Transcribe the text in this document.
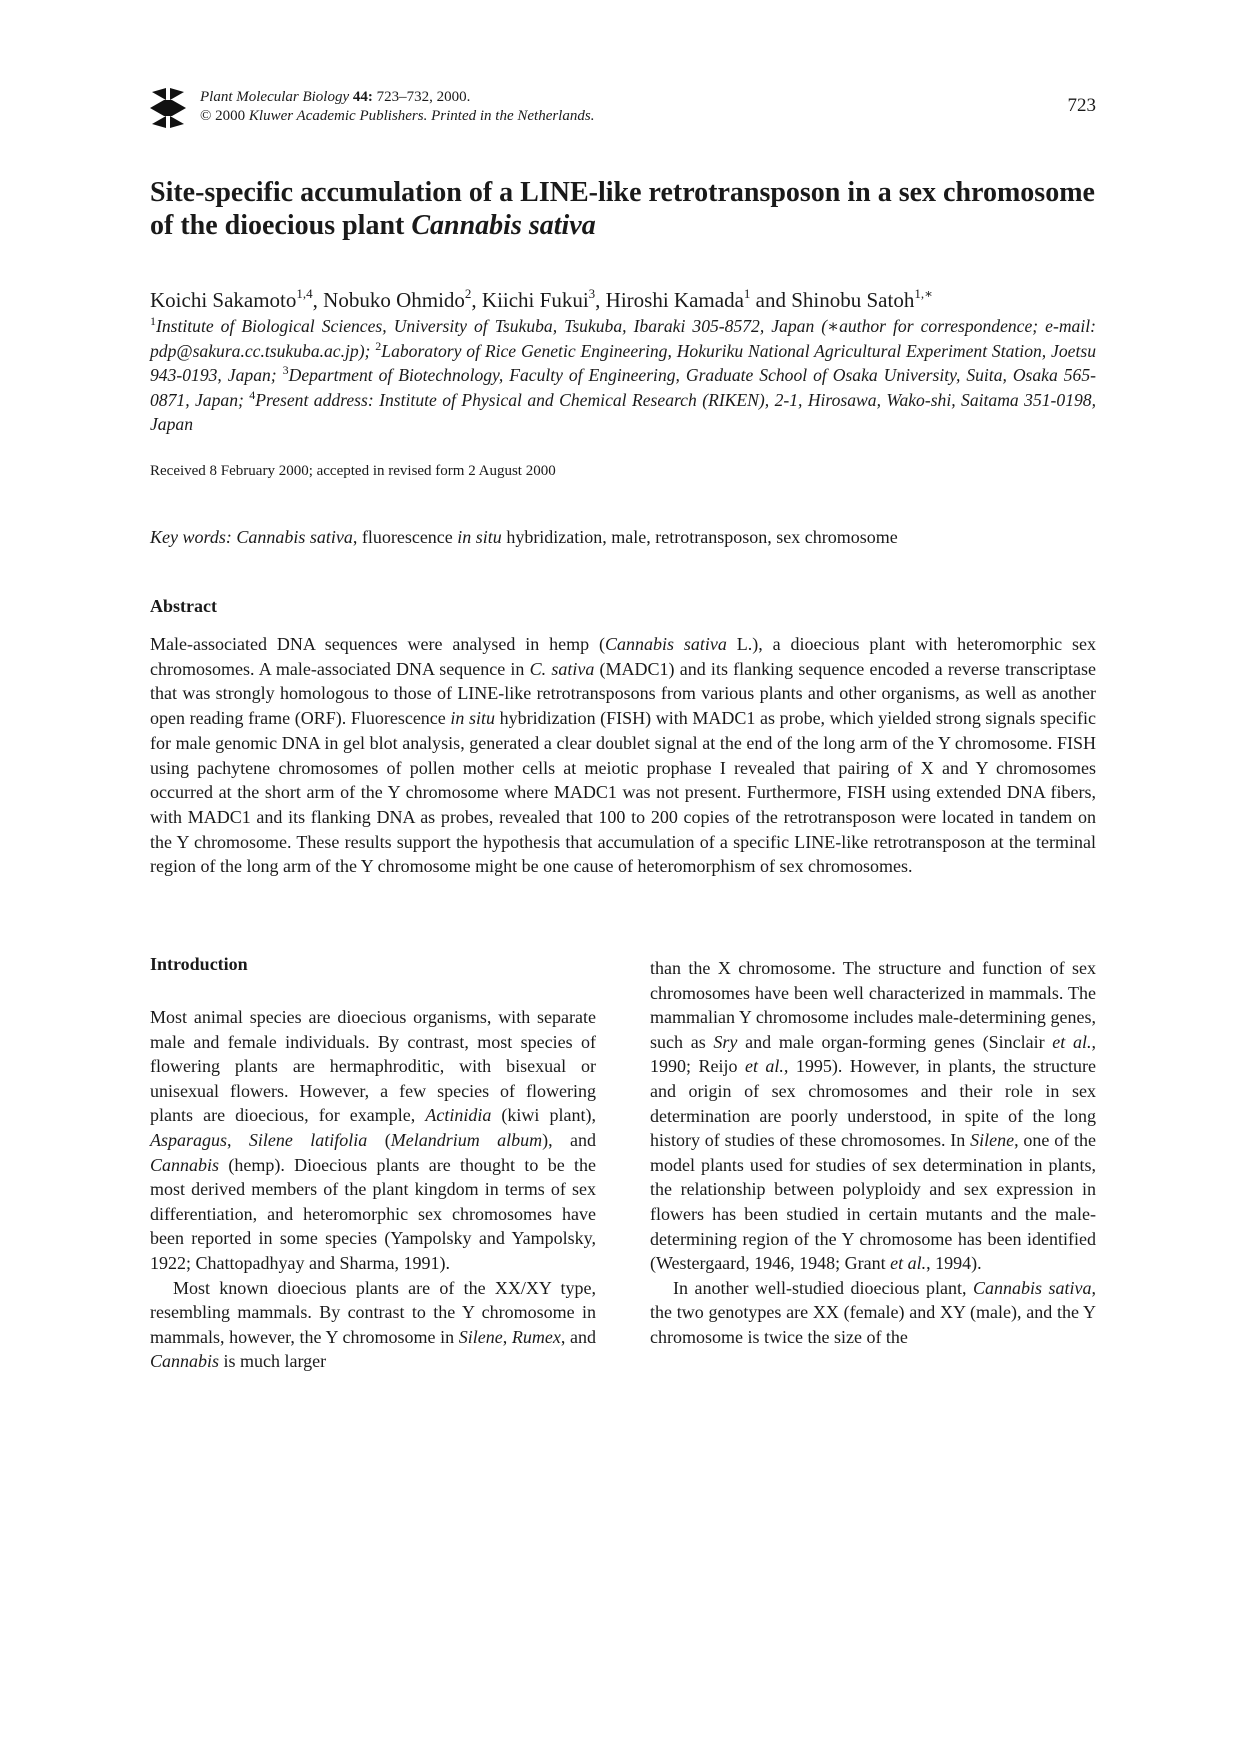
Plant Molecular Biology 44: 723–732, 2000.
© 2000 Kluwer Academic Publishers. Printed in the Netherlands.	723
Site-specific accumulation of a LINE-like retrotransposon in a sex chromosome of the dioecious plant Cannabis sativa
Koichi Sakamoto$^{1,4}$, Nobuko Ohmido$^2$, Kiichi Fukui$^3$, Hiroshi Kamada$^1$ and Shinobu Satoh$^{1,∗}$
$^1$Institute of Biological Sciences, University of Tsukuba, Tsukuba, Ibaraki 305-8572, Japan (∗author for correspondence; e-mail: pdp@sakura.cc.tsukuba.ac.jp); $^2$Laboratory of Rice Genetic Engineering, Hokuriku National Agricultural Experiment Station, Joetsu 943-0193, Japan; $^3$Department of Biotechnology, Faculty of Engineering, Graduate School of Osaka University, Suita, Osaka 565-0871, Japan; $^4$Present address: Institute of Physical and Chemical Research (RIKEN), 2-1, Hirosawa, Wako-shi, Saitama 351-0198, Japan
Received 8 February 2000; accepted in revised form 2 August 2000
Key words: Cannabis sativa, fluorescence in situ hybridization, male, retrotransposon, sex chromosome
Abstract

Male-associated DNA sequences were analysed in hemp (Cannabis sativa L.), a dioecious plant with heteromorphic sex chromosomes. A male-associated DNA sequence in C. sativa (MADC1) and its flanking sequence encoded a reverse transcriptase that was strongly homologous to those of LINE-like retrotransposons from various plants and other organisms, as well as another open reading frame (ORF). Fluorescence in situ hybridization (FISH) with MADC1 as probe, which yielded strong signals specific for male genomic DNA in gel blot analysis, generated a clear doublet signal at the end of the long arm of the Y chromosome. FISH using pachytene chromosomes of pollen mother cells at meiotic prophase I revealed that pairing of X and Y chromosomes occurred at the short arm of the Y chromosome where MADC1 was not present. Furthermore, FISH using extended DNA fibers, with MADC1 and its flanking DNA as probes, revealed that 100 to 200 copies of the retrotransposon were located in tandem on the Y chromosome. These results support the hypothesis that accumulation of a specific LINE-like retrotransposon at the terminal region of the long arm of the Y chromosome might be one cause of heteromorphism of sex chromosomes.

Introduction

Most animal species are dioecious organisms, with separate male and female individuals. By contrast, most species of flowering plants are hermaphroditic, with bisexual or unisexual flowers. However, a few species of flowering plants are dioecious, for example, Actinidia (kiwi plant), Asparagus, Silene latifolia (Melandrium album), and Cannabis (hemp). Dioecious plants are thought to be the most derived members of the plant kingdom in terms of sex differentiation, and heteromorphic sex chromosomes have been reported in some species (Yampolsky and Yampolsky, 1922; Chattopadhyay and Sharma, 1991).

Most known dioecious plants are of the XX/XY type, resembling mammals. By contrast to the Y chromosome in mammals, however, the Y chromosome in Silene, Rumex, and Cannabis is much larger

than the X chromosome. The structure and function of sex chromosomes have been well characterized in mammals. The mammalian Y chromosome includes male-determining genes, such as Sry and male organ-forming genes (Sinclair et al., 1990; Reijo et al., 1995). However, in plants, the structure and origin of sex chromosomes and their role in sex determination are poorly understood, in spite of the long history of studies of these chromosomes. In Silene, one of the model plants used for studies of sex determination in plants, the relationship between polyploidy and sex expression in flowers has been studied in certain mutants and the male-determining region of the Y chromosome has been identified (Westergaard, 1946, 1948; Grant et al., 1994).

In another well-studied dioecious plant, Cannabis sativa, the two genotypes are XX (female) and XY (male), and the Y chromosome is twice the size of the
